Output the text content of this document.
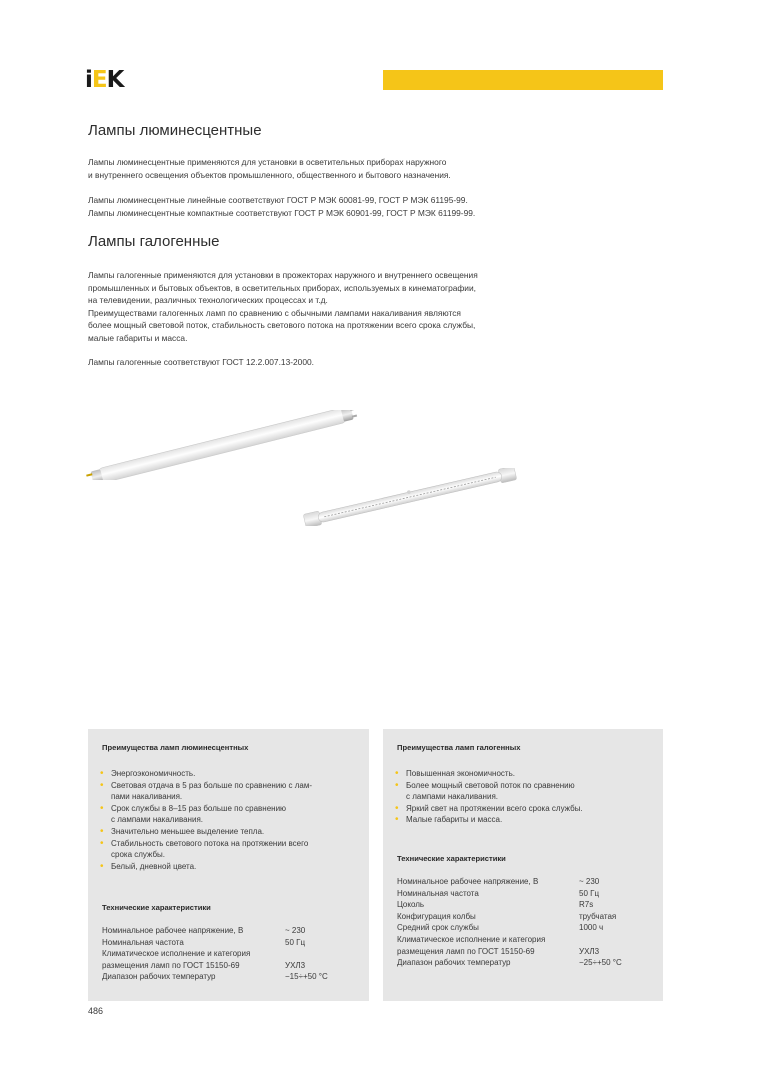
iEK
Лампы люминесцентные
Лампы люминесцентные применяются для установки в осветительных приборах наружного
и внутреннего освещения объектов промышленного, общественного и бытового назначения.
Лампы люминесцентные линейные соответствуют ГОСТ Р МЭК 60081-99, ГОСТ Р МЭК 61195-99.
Лампы люминесцентные компактные соответствуют ГОСТ Р МЭК 60901-99, ГОСТ Р МЭК 61199-99.
Лампы галогенные
Лампы галогенные применяются для установки в прожекторах наружного и внутреннего освещения
промышленных и бытовых объектов, в осветительных приборах, используемых в кинематографии,
на телевидении, различных технологических процессах и т.д.
Преимуществами галогенных ламп по сравнению с обычными лампами накаливания являются
более мощный световой поток, стабильность светового потока на протяжении всего срока службы,
малые габариты и масса.
Лампы галогенные соответствуют ГОСТ 12.2.007.13-2000.
Преимущества ламп люминесцентных
• Энергоэкономичность.
• Световая отдача в 5 раз больше по сравнению с лам-
пами накаливания.
• Срок службы в 8–15 раз больше по сравнению
с лампами накаливания.
• Значительно меньшее выделение тепла.
• Стабильность светового потока на протяжении всего
срока службы.
• Белый, дневной цвета.
Технические характеристики
Номинальное рабочее напряжение, В	~ 230
Номинальная частота	50 Гц
Климатическое исполнение и категория
размещения ламп по ГОСТ 15150-69	УХЛ3
Диапазон рабочих температур	−15÷+50 °С
Преимущества ламп галогенных
• Повышенная экономичность.
• Более мощный световой поток по сравнению
с лампами накаливания.
• Яркий свет на протяжении всего срока службы.
• Малые габариты и масса.
Технические характеристики
Номинальное рабочее напряжение, В	~ 230
Номинальная частота	50 Гц
Цоколь	R7s
Конфигурация колбы	трубчатая
Средний срок службы	1000 ч
Климатическое исполнение и категория
размещения ламп по ГОСТ 15150-69	УХЛ3
Диапазон рабочих температур	−25÷+50 °С
486
